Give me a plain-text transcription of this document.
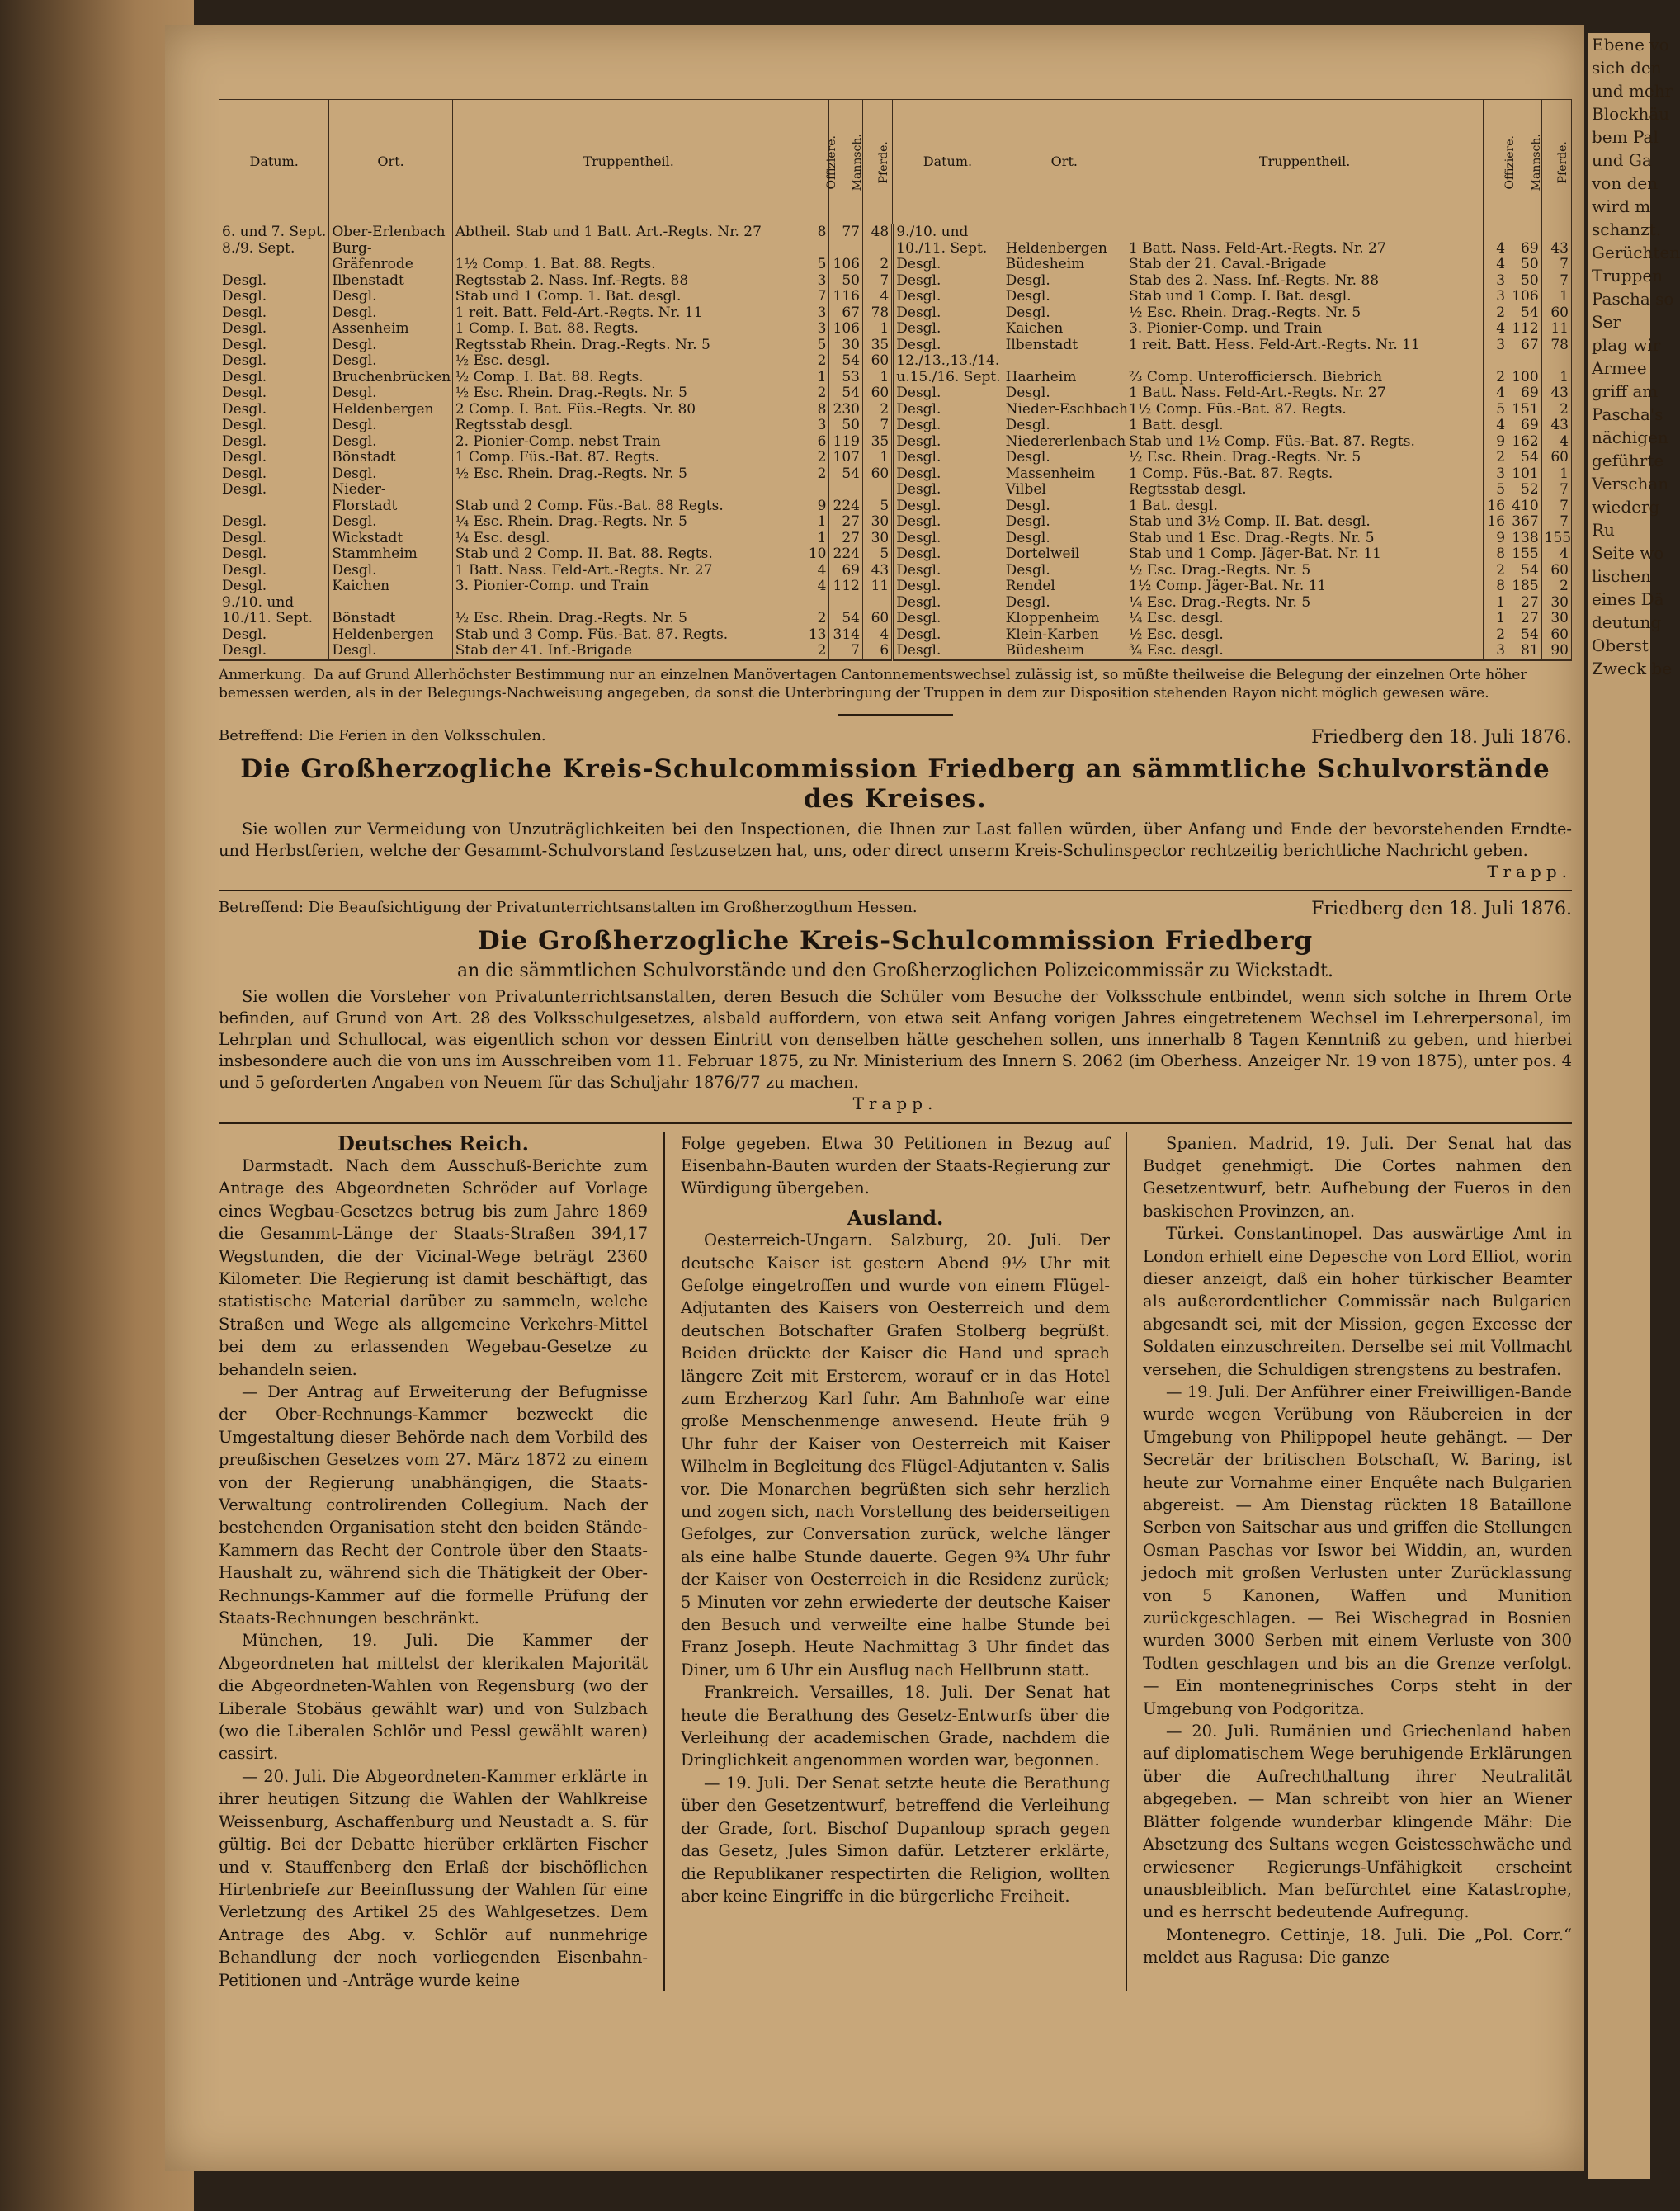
Datum.	Ort.	Truppentheil.	Offiziere.	Mannsch.	Pferde.	Datum.	Ort.	Truppentheil.	Offiziere.	Mannsch.	Pferde.
6. und 7. Sept.	Ober-Erlenbach	Abtheil. Stab und 1 Batt. Art.-Regts. Nr. 27	8	77	48	9./10. und					
8./9. Sept.	Burg-					10./11. Sept.	Heldenbergen	1 Batt. Nass. Feld-Art.-Regts. Nr. 27	4	69	43
	Gräfenrode	1½ Comp. 1. Bat. 88. Regts.	5	106	2	Desgl.	Büdesheim	Stab der 21. Caval.-Brigade	4	50	7
Desgl.	Ilbenstadt	Regtsstab 2. Nass. Inf.-Regts. 88	3	50	7	Desgl.	Desgl.	Stab des 2. Nass. Inf.-Regts. Nr. 88	3	50	7
Desgl.	Desgl.	Stab und 1 Comp. 1. Bat. desgl.	7	116	4	Desgl.	Desgl.	Stab und 1 Comp. I. Bat. desgl.	3	106	1
Desgl.	Desgl.	1 reit. Batt. Feld-Art.-Regts. Nr. 11	3	67	78	Desgl.	Desgl.	½ Esc. Rhein. Drag.-Regts. Nr. 5	2	54	60
Desgl.	Assenheim	1 Comp. I. Bat. 88. Regts.	3	106	1	Desgl.	Kaichen	3. Pionier-Comp. und Train	4	112	11
Desgl.	Desgl.	Regtsstab Rhein. Drag.-Regts. Nr. 5	5	30	35	Desgl.	Ilbenstadt	1 reit. Batt. Hess. Feld-Art.-Regts. Nr. 11	3	67	78
Desgl.	Desgl.	½ Esc. desgl.	2	54	60	12./13.,13./14.					
Desgl.	Bruchenbrücken	½ Comp. I. Bat. 88. Regts.	1	53	1	u.15./16. Sept.	Haarheim	⅔ Comp. Unterofficiersch. Biebrich	2	100	1
Desgl.	Desgl.	½ Esc. Rhein. Drag.-Regts. Nr. 5	2	54	60	Desgl.	Desgl.	1 Batt. Nass. Feld-Art.-Regts. Nr. 27	4	69	43
Desgl.	Heldenbergen	2 Comp. I. Bat. Füs.-Regts. Nr. 80	8	230	2	Desgl.	Nieder-Eschbach	1½ Comp. Füs.-Bat. 87. Regts.	5	151	2
Desgl.	Desgl.	Regtsstab desgl.	3	50	7	Desgl.	Desgl.	1 Batt. desgl.	4	69	43
Desgl.	Desgl.	2. Pionier-Comp. nebst Train	6	119	35	Desgl.	Niedererlenbach	Stab und 1½ Comp. Füs.-Bat. 87. Regts.	9	162	4
Desgl.	Bönstadt	1 Comp. Füs.-Bat. 87. Regts.	2	107	1	Desgl.	Desgl.	½ Esc. Rhein. Drag.-Regts. Nr. 5	2	54	60
Desgl.	Desgl.	½ Esc. Rhein. Drag.-Regts. Nr. 5	2	54	60	Desgl.	Massenheim	1 Comp. Füs.-Bat. 87. Regts.	3	101	1
Desgl.	Nieder-					Desgl.	Vilbel	Regtsstab desgl.	5	52	7
	Florstadt	Stab und 2 Comp. Füs.-Bat. 88 Regts.	9	224	5	Desgl.	Desgl.	1 Bat. desgl.	16	410	7
Desgl.	Desgl.	¼ Esc. Rhein. Drag.-Regts. Nr. 5	1	27	30	Desgl.	Desgl.	Stab und 3½ Comp. II. Bat. desgl.	16	367	7
Desgl.	Wickstadt	¼ Esc. desgl.	1	27	30	Desgl.	Desgl.	Stab und 1 Esc. Drag.-Regts. Nr. 5	9	138	155
Desgl.	Stammheim	Stab und 2 Comp. II. Bat. 88. Regts.	10	224	5	Desgl.	Dortelweil	Stab und 1 Comp. Jäger-Bat. Nr. 11	8	155	4
Desgl.	Desgl.	1 Batt. Nass. Feld-Art.-Regts. Nr. 27	4	69	43	Desgl.	Desgl.	½ Esc. Drag.-Regts. Nr. 5	2	54	60
Desgl.	Kaichen	3. Pionier-Comp. und Train	4	112	11	Desgl.	Rendel	1½ Comp. Jäger-Bat. Nr. 11	8	185	2
9./10. und						Desgl.	Desgl.	¼ Esc. Drag.-Regts. Nr. 5	1	27	30
10./11. Sept.	Bönstadt	½ Esc. Rhein. Drag.-Regts. Nr. 5	2	54	60	Desgl.	Kloppenheim	¼ Esc. desgl.	1	27	30
Desgl.	Heldenbergen	Stab und 3 Comp. Füs.-Bat. 87. Regts.	13	314	4	Desgl.	Klein-Karben	½ Esc. desgl.	2	54	60
Desgl.	Desgl.	Stab der 41. Inf.-Brigade	2	7	6	Desgl.	Büdesheim	¾ Esc. desgl.	3	81	90
Anmerkung. Da auf Grund Allerhöchster Bestimmung nur an einzelnen Manövertagen Cantonnementswechsel zulässig ist, so müßte theilweise die Belegung der einzelnen Orte höher bemessen werden, als in der Belegungs-Nachweisung angegeben, da sonst die Unterbringung der Truppen in dem zur Disposition stehenden Rayon nicht möglich gewesen wäre.
Betreffend: Die Ferien in den Volksschulen.	Friedberg den 18. Juli 1876.
Die Großherzogliche Kreis-Schulcommission Friedberg an sämmtliche Schulvorstände des Kreises.
Sie wollen zur Vermeidung von Unzuträglichkeiten bei den Inspectionen, die Ihnen zur Last fallen würden, über Anfang und Ende der bevorstehenden Erndte- und Herbstferien, welche der Gesammt-Schulvorstand festzusetzen hat, uns, oder direct unserm Kreis-Schulinspector rechtzeitig berichtliche Nachricht geben.
Trapp.
Betreffend: Die Beaufsichtigung der Privatunterrichtsanstalten im Großherzogthum Hessen.	Friedberg den 18. Juli 1876.
Die Großherzogliche Kreis-Schulcommission Friedberg
an die sämmtlichen Schulvorstände und den Großherzoglichen Polizeicommissär zu Wickstadt.
Sie wollen die Vorsteher von Privatunterrichtsanstalten, deren Besuch die Schüler vom Besuche der Volksschule entbindet, wenn sich solche in Ihrem Orte befinden, auf Grund von Art. 28 des Volksschulgesetzes, alsbald auffordern, von etwa seit Anfang vorigen Jahres eingetretenem Wechsel im Lehrerpersonal, im Lehrplan und Schullocal, was eigentlich schon vor dessen Eintritt von denselben hätte geschehen sollen, uns innerhalb 8 Tagen Kenntniß zu geben, und hierbei insbesondere auch die von uns im Ausschreiben vom 11. Februar 1875, zu Nr. Ministerium des Innern S. 2062 (im Oberhess. Anzeiger Nr. 19 von 1875), unter pos. 4 und 5 geforderten Angaben von Neuem für das Schuljahr 1876/77 zu machen.
Trapp.
Deutsches Reich.

Darmstadt. Nach dem Ausschuß-Berichte zum Antrage des Abgeordneten Schröder auf Vorlage eines Wegbau-Gesetzes betrug bis zum Jahre 1869 die Gesammt-Länge der Staats-Straßen 394,17 Wegstunden, die der Vicinal-Wege beträgt 2360 Kilometer. Die Regierung ist damit beschäftigt, das statistische Material darüber zu sammeln, welche Straßen und Wege als allgemeine Verkehrs-Mittel bei dem zu erlassenden Wegebau-Gesetze zu behandeln seien.

— Der Antrag auf Erweiterung der Befugnisse der Ober-Rechnungs-Kammer bezweckt die Umgestaltung dieser Behörde nach dem Vorbild des preußischen Gesetzes vom 27. März 1872 zu einem von der Regierung unabhängigen, die Staats-Verwaltung controlirenden Collegium. Nach der bestehenden Organisation steht den beiden Stände-Kammern das Recht der Controle über den Staats-Haushalt zu, während sich die Thätigkeit der Ober-Rechnungs-Kammer auf die formelle Prüfung der Staats-Rechnungen beschränkt.

München, 19. Juli. Die Kammer der Abgeordneten hat mittelst der klerikalen Majorität die Abgeordneten-Wahlen von Regensburg (wo der Liberale Stobäus gewählt war) und von Sulzbach (wo die Liberalen Schlör und Pessl gewählt waren) cassirt.

— 20. Juli. Die Abgeordneten-Kammer erklärte in ihrer heutigen Sitzung die Wahlen der Wahlkreise Weissenburg, Aschaffenburg und Neustadt a. S. für gültig. Bei der Debatte hierüber erklärten Fischer und v. Stauffenberg den Erlaß der bischöflichen Hirtenbriefe zur Beeinflussung der Wahlen für eine Verletzung des Artikel 25 des Wahlgesetzes. Dem Antrage des Abg. v. Schlör auf nunmehrige Behandlung der noch vorliegenden Eisenbahn-Petitionen und -Anträge wurde keine

Folge gegeben. Etwa 30 Petitionen in Bezug auf Eisenbahn-Bauten wurden der Staats-Regierung zur Würdigung übergeben.

Ausland.

Oesterreich-Ungarn. Salzburg, 20. Juli. Der deutsche Kaiser ist gestern Abend 9½ Uhr mit Gefolge eingetroffen und wurde von einem Flügel-Adjutanten des Kaisers von Oesterreich und dem deutschen Botschafter Grafen Stolberg begrüßt. Beiden drückte der Kaiser die Hand und sprach längere Zeit mit Ersterem, worauf er in das Hotel zum Erzherzog Karl fuhr. Am Bahnhofe war eine große Menschenmenge anwesend. Heute früh 9 Uhr fuhr der Kaiser von Oesterreich mit Kaiser Wilhelm in Begleitung des Flügel-Adjutanten v. Salis vor. Die Monarchen begrüßten sich sehr herzlich und zogen sich, nach Vorstellung des beiderseitigen Gefolges, zur Conversation zurück, welche länger als eine halbe Stunde dauerte. Gegen 9¾ Uhr fuhr der Kaiser von Oesterreich in die Residenz zurück; 5 Minuten vor zehn erwiederte der deutsche Kaiser den Besuch und verweilte eine halbe Stunde bei Franz Joseph. Heute Nachmittag 3 Uhr findet das Diner, um 6 Uhr ein Ausflug nach Hellbrunn statt.

Frankreich. Versailles, 18. Juli. Der Senat hat heute die Berathung des Gesetz-Entwurfs über die Verleihung der academischen Grade, nachdem die Dringlichkeit angenommen worden war, begonnen.

— 19. Juli. Der Senat setzte heute die Berathung über den Gesetzentwurf, betreffend die Verleihung der Grade, fort. Bischof Dupanloup sprach gegen das Gesetz, Jules Simon dafür. Letzterer erklärte, die Republikaner respectirten die Religion, wollten aber keine Eingriffe in die bürgerliche Freiheit.

Spanien. Madrid, 19. Juli. Der Senat hat das Budget genehmigt. Die Cortes nahmen den Gesetzentwurf, betr. Aufhebung der Fueros in den baskischen Provinzen, an.

Türkei. Constantinopel. Das auswärtige Amt in London erhielt eine Depesche von Lord Elliot, worin dieser anzeigt, daß ein hoher türkischer Beamter als außerordentlicher Commissär nach Bulgarien abgesandt sei, mit der Mission, gegen Excesse der Soldaten einzuschreiten. Derselbe sei mit Vollmacht versehen, die Schuldigen strengstens zu bestrafen.

— 19. Juli. Der Anführer einer Freiwilligen-Bande wurde wegen Verübung von Räubereien in der Umgebung von Philippopel heute gehängt. — Der Secretär der britischen Botschaft, W. Baring, ist heute zur Vornahme einer Enquête nach Bulgarien abgereist. — Am Dienstag rückten 18 Bataillone Serben von Saitschar aus und griffen die Stellungen Osman Paschas vor Iswor bei Widdin, an, wurden jedoch mit großen Verlusten unter Zurücklassung von 5 Kanonen, Waffen und Munition zurückgeschlagen. — Bei Wischegrad in Bosnien wurden 3000 Serben mit einem Verluste von 300 Todten geschlagen und bis an die Grenze verfolgt. — Ein montenegrinisches Corps steht in der Umgebung von Podgoritza.

— 20. Juli. Rumänien und Griechenland haben auf diplomatischem Wege beruhigende Erklärungen über die Aufrechthaltung ihrer Neutralität abgegeben. — Man schreibt von hier an Wiener Blätter folgende wunderbar klingende Mähr: Die Absetzung des Sultans wegen Geistesschwäche und erwiesener Regierungs-Unfähigkeit erscheint unausbleiblich. Man befürchtet eine Katastrophe, und es herrscht bedeutende Aufregung.

Montenegro. Cettinje, 18. Juli. Die „Pol. Corr.“ meldet aus Ragusa: Die ganze

Ebene vo
sich den
und mehr
Blockhäu
bem Pal
und Ga
von den
wird m
schanzt.
Gerüchten
Truppen
Pascha so
Ser
plag wir
Armee
griff am
Pascha's
nächigen
geführte
Verschan
wiederg
Ru
Seite wo
lischen
eines Dä
deutung
Oberst
Zweck be
